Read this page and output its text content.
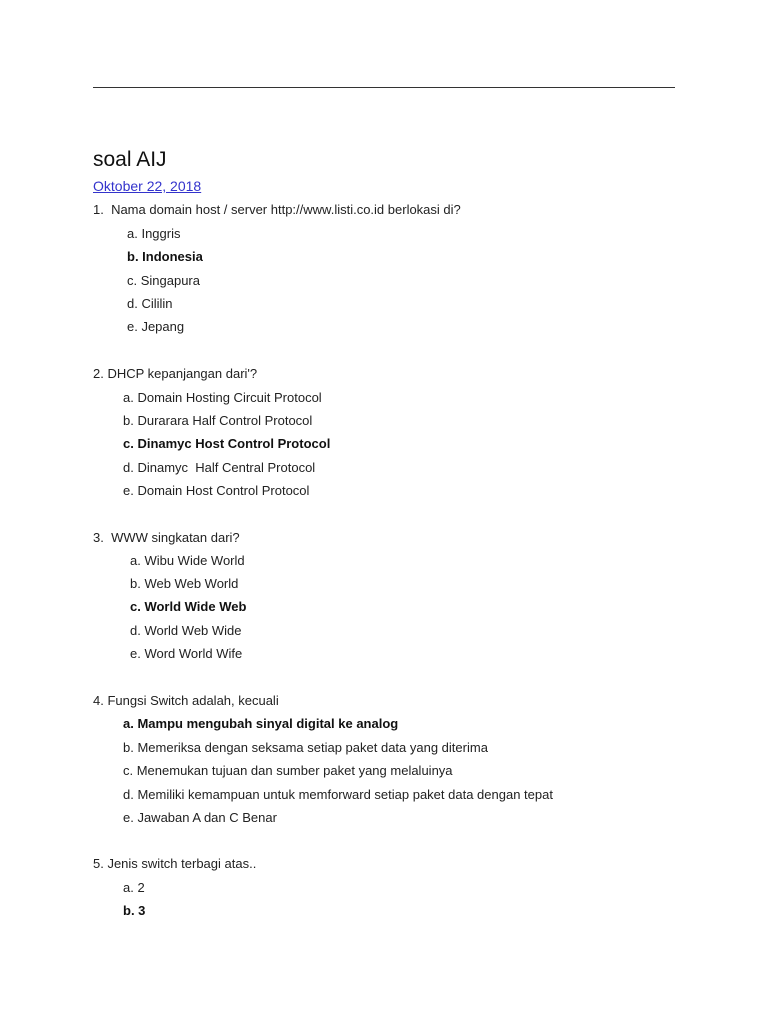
soal AIJ
Oktober 22, 2018
1.  Nama domain host / server http://www.listi.co.id berlokasi di?
a. Inggris
b. Indonesia
c. Singapura
d. Cililin
e. Jepang
2. DHCP kepanjangan dari'?
a. Domain Hosting Circuit Protocol
b. Durarara Half Control Protocol
c. Dinamyc Host Control Protocol
d. Dinamyc  Half Central Protocol
e. Domain Host Control Protocol
3.  WWW singkatan dari?
a. Wibu Wide World
b. Web Web World
c. World Wide Web
d. World Web Wide
e. Word World Wife
4. Fungsi Switch adalah, kecuali
a. Mampu mengubah sinyal digital ke analog
b. Memeriksa dengan seksama setiap paket data yang diterima
c. Menemukan tujuan dan sumber paket yang melaluinya
d. Memiliki kemampuan untuk memforward setiap paket data dengan tepat
e. Jawaban A dan C Benar
5. Jenis switch terbagi atas..
a. 2
b. 3
